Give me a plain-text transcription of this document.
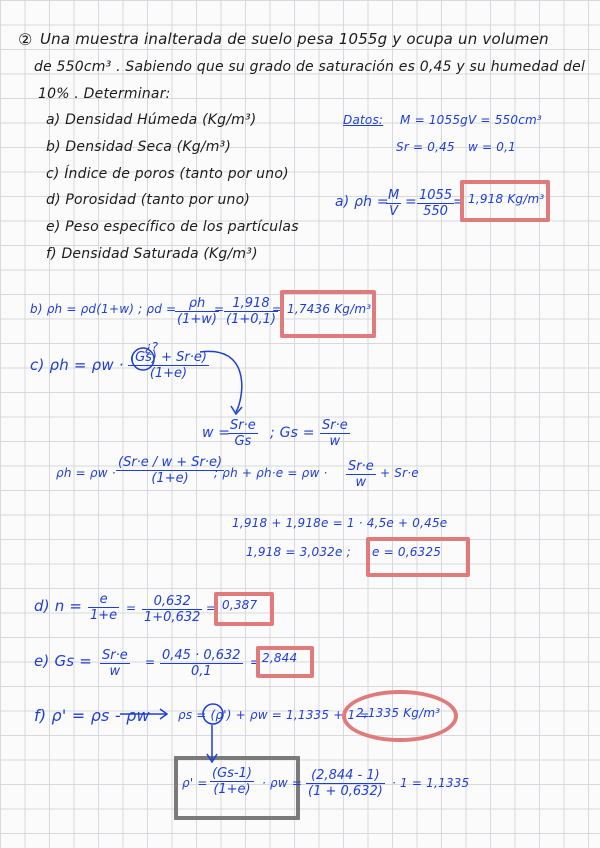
② Una muestra inalterada de suelo pesa 1055g y ocupa un volumen
de 550cm³ . Sabiendo que su grado de saturación es 0,45 y su humedad del
10% . Determinar:
a) Densidad Húmeda (Kg/m³)
b) Densidad Seca (Kg/m³)
c) Índice de poros (tanto por uno)
d) Porosidad (tanto por uno)
e) Peso específico de los partículas
f) Densidad Saturada (Kg/m³)
Datos: M = 1055g V = 550cm³
Sr = 0,45 w = 0,1
a) ρh =
$\frac{M}{V} = \frac{1055}{550}$
= 1,918 Kg/m³
b) ρh = ρd(1+w) ; ρd =
$\frac{\rho h}{(1+w)}$
= $\frac{1,918}{(1+0,1)}$
= 1,7436 Kg/m³
c) ρh = ρw ·
¿?
$\frac{(Gs) + Sr\cdot e)}{(1+e)}$
w =
$\frac{Sr\cdot e}{Gs}$ ; $Gs = \frac{Sr\cdot e}{w}$
$\rho h = \rho w \cdot \frac{(Sr\cdot e / w + Sr\cdot e)}{(1+e)}$
; $\rho h + \rho h\cdot e = \rho w \cdot \frac{Sr\cdot e}{w} + Sr\cdot e$
1,918 + 1,918e = 1 · 4,5e + 0,45e
1,918 = 3,032e ; e = 0,6325
d) $n = \frac{e}{1+e} = \frac{0,632}{1+0,632} = 0,387$
e) $Gs = \frac{Sr\cdot e}{w} = \frac{0,45 \cdot 0,632}{0,1} = 2,844$
f) ρ' = ρs - ρw ρs = (ρ') + ρw = 1,1335 + 1 =
2,1335 Kg/m³
$\rho' = \frac{(Gs-1)}{(1+e)} \cdot \rho w = \frac{(2,844 - 1)}{(1 + 0,632)} \cdot 1 = 1,1335$
